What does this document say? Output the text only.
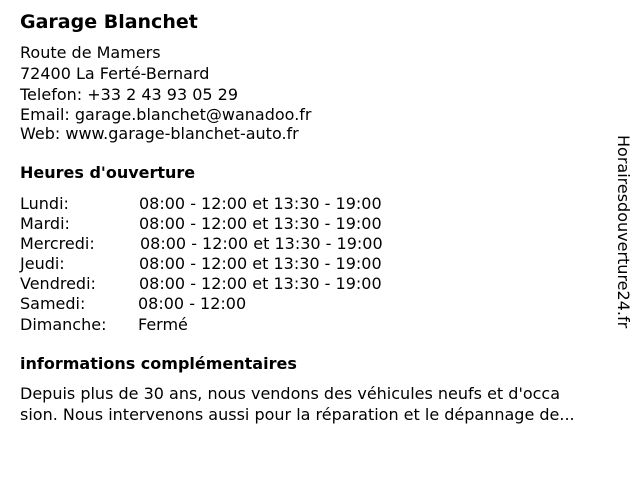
Garage Blanchet
Route de Mamers
72400 La Ferté-Bernard
Telefon: +33 2 43 93 05 29
Email: garage.blanchet@wanadoo.fr
Web: www.garage-blanchet-auto.fr
Heures d'ouverture
Lundi:	08:00 - 12:00 et 13:30 - 19:00
Mardi:	08:00 - 12:00 et 13:30 - 19:00
Mercredi:	08:00 - 12:00 et 13:30 - 19:00
Jeudi:	08:00 - 12:00 et 13:30 - 19:00
Vendredi:	08:00 - 12:00 et 13:30 - 19:00
Samedi:	08:00 - 12:00
Dimanche: Fermé
informations complémentaires
Depuis plus de 30 ans, nous vendons des véhicules neufs et d'occa
sion. Nous intervenons aussi pour la réparation et le dépannage de...
Horairesdouverture24.fr
